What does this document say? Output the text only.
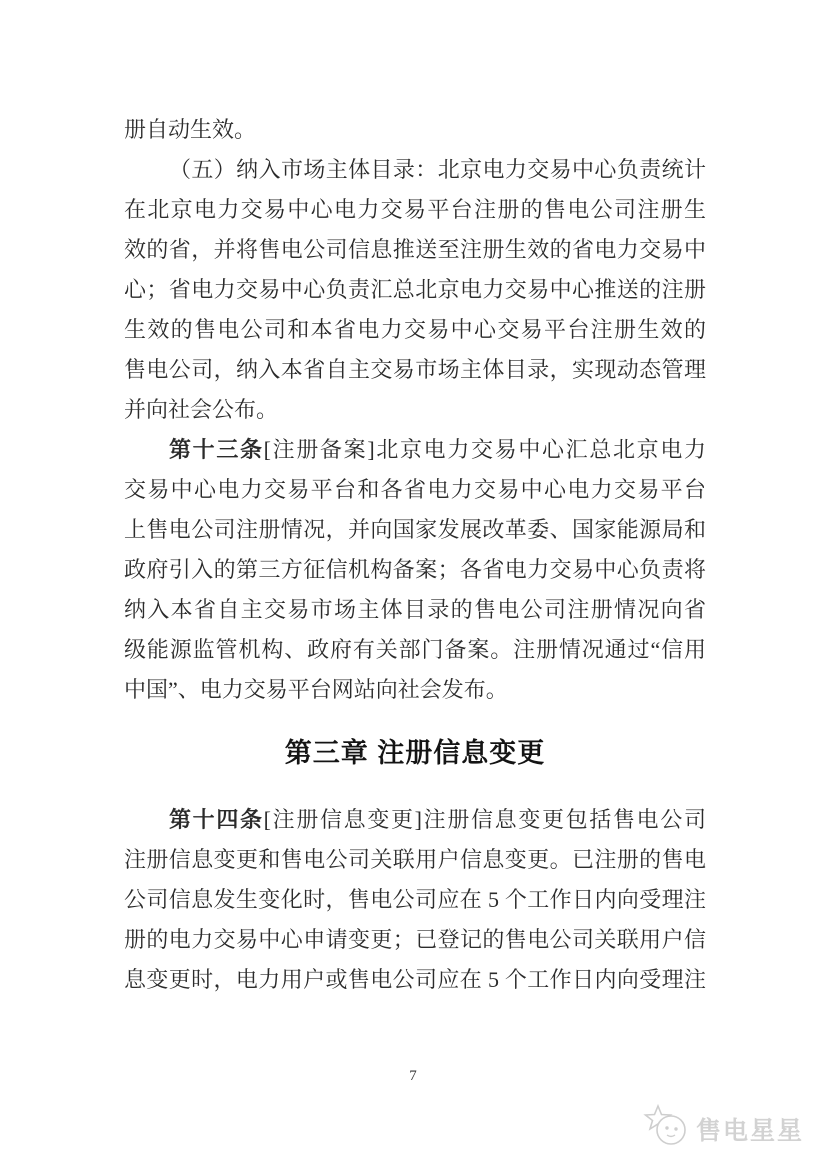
册自动生效。
（五）纳入市场主体目录：北京电力交易中心负责统计
在北京电力交易中心电力交易平台注册的售电公司注册生
效的省，并将售电公司信息推送至注册生效的省电力交易中
心；省电力交易中心负责汇总北京电力交易中心推送的注册
生效的售电公司和本省电力交易中心交易平台注册生效的
售电公司，纳入本省自主交易市场主体目录，实现动态管理
并向社会公布。
第十三条[注册备案]北京电力交易中心汇总北京电力
交易中心电力交易平台和各省电力交易中心电力交易平台
上售电公司注册情况，并向国家发展改革委、国家能源局和
政府引入的第三方征信机构备案；各省电力交易中心负责将
纳入本省自主交易市场主体目录的售电公司注册情况向省
级能源监管机构、政府有关部门备案。注册情况通过“信用
中国”、电力交易平台网站向社会发布。
第三章 注册信息变更
第十四条[注册信息变更]注册信息变更包括售电公司
注册信息变更和售电公司关联用户信息变更。已注册的售电
公司信息发生变化时，售电公司应在 5 个工作日内向受理注
册的电力交易中心申请变更；已登记的售电公司关联用户信
息变更时，电力用户或售电公司应在 5 个工作日内向受理注
7
售电星星
